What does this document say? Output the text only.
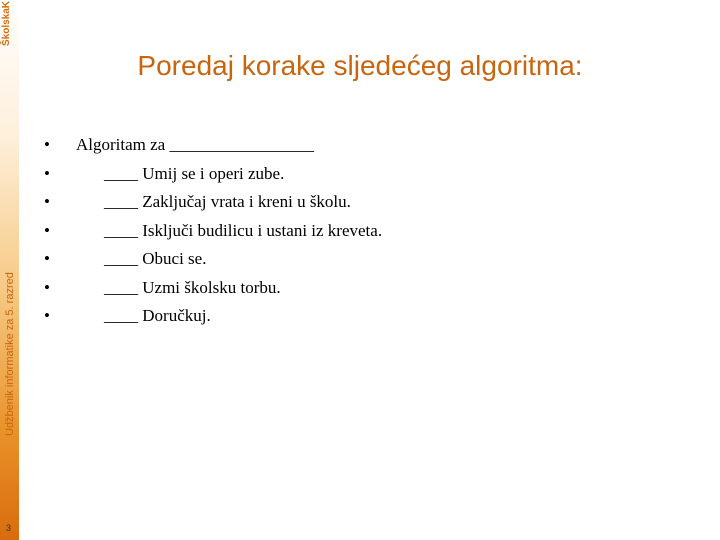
ŠkolskaK
Udžbenik informatike za 5. razred
3
Poredaj korake sljedećeg algoritma:
• Algoritam za _________________
•	____ Umij se i operi zube.
•	____ Zaključaj vrata i kreni u školu.
•	____ Isključi budilicu i ustani iz kreveta.
•	____ Obuci se.
•	____ Uzmi školsku torbu.
•	____ Doručkuj.
